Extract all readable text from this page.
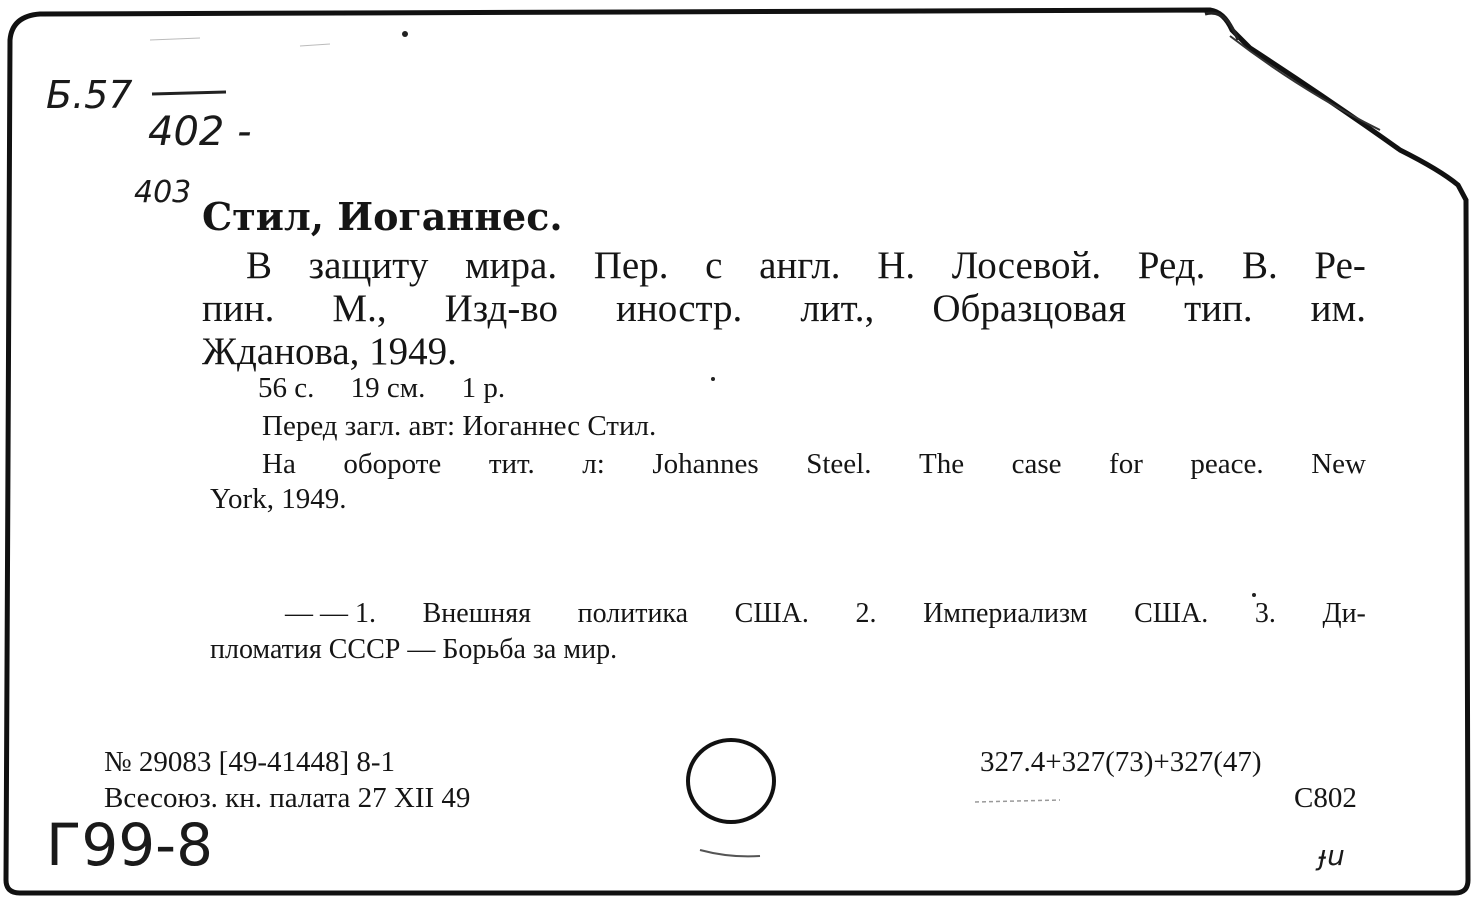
Б.57
402 -
403
Стил, Иоганнес.
В защиту мира. Пер. с англ. Н. Лосевой. Ред. В. Ре-
пин. М., Изд-во иностр. лит., Образцовая тип. им.
Жданова, 1949.
56 с.     19 см.     1 р.
Перед загл. авт: Иоганнес Стил.
На обороте тит. л: Johannes Steel. The case for peace. New
York, 1949.
— — 1. Внешняя политика США. 2. Империализм США. 3. Ди-
пломатия СССР — Борьба за мир.
№ 29083 [49-41448] 8-1
Всесоюз. кн. палата 27 XII 49
327.4+327(73)+327(47)
С802
Г99-8	ɟu
